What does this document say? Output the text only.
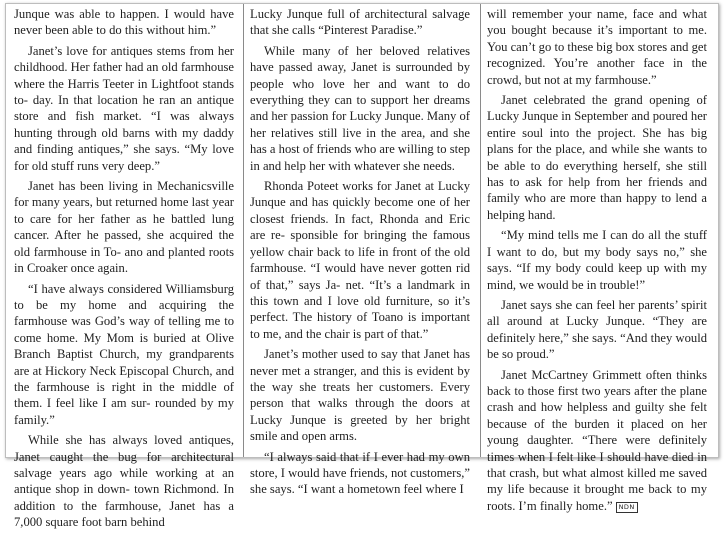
Junque was able to happen. I would have never been able to do this without him.”

Janet’s love for antiques stems from her childhood. Her father had an old farmhouse where the Harris Teeter in Lightfoot stands to- day. In that location he ran an antique store and fish market. “I was always hunting through old barns with my daddy and finding antiques,” she says. “My love for old stuff runs very deep.”

Janet has been living in Mechanicsville for many years, but returned home last year to care for her father as he battled lung cancer. After he passed, she acquired the old farmhouse in To- ano and planted roots in Croaker once again.

“I have always considered Williamsburg to be my home and acquiring the farmhouse was God’s way of telling me to come home. My Mom is buried at Olive Branch Baptist Church, my grandparents are at Hickory Neck Episcopal Church, and the farmhouse is right in the middle of them. I feel like I am sur- rounded by my family.”

While she has always loved antiques, Janet caught the bug for architectural salvage years ago while working at an antique shop in down- town Richmond. In addition to the farmhouse, Janet has a 7,000 square foot barn behind

Lucky Junque full of architectural salvage that she calls “Pinterest Paradise.”

While many of her beloved relatives have passed away, Janet is surrounded by people who love her and want to do everything they can to support her dreams and her passion for Lucky Junque. Many of her relatives still live in the area, and she has a host of friends who are willing to step in and help her with whatever she needs.

Rhonda Poteet works for Janet at Lucky Junque and has quickly become one of her closest friends. In fact, Rhonda and Eric are re- sponsible for bringing the famous yellow chair back to life in front of the old farmhouse. “I would have never gotten rid of that,” says Ja- net. “It’s a landmark in this town and I love old furniture, so it’s perfect. The history of Toano is important to me, and the chair is part of that.”

Janet’s mother used to say that Janet has never met a stranger, and this is evident by the way she treats her customers. Every person that walks through the doors at Lucky Junque is greeted by her bright smile and open arms.

“I always said that if I ever had my own store, I would have friends, not customers,” she says. “I want a hometown feel where I

will remember your name, face and what you bought because it’s important to me. You can’t go to these big box stores and get recognized. You’re another face in the crowd, but not at my farmhouse.”

Janet celebrated the grand opening of Lucky Junque in September and poured her entire soul into the project. She has big plans for the place, and while she wants to be able to do everything herself, she still has to ask for help from her friends and family who are more than happy to lend a helping hand.

“My mind tells me I can do all the stuff I want to do, but my body says no,” she says. “If my body could keep up with my mind, we would be in trouble!”

Janet says she can feel her parents’ spirit all around at Lucky Junque. “They are definitely here,” she says. “And they would be so proud.”

Janet McCartney Grimmett often thinks back to those first two years after the plane crash and how helpless and guilty she felt because of the burden it placed on her young daughter. “There were definitely times when I felt like I should have died in that crash, but what almost killed me saved my life because it brought me back to my roots. I’m finally home.” NDN
